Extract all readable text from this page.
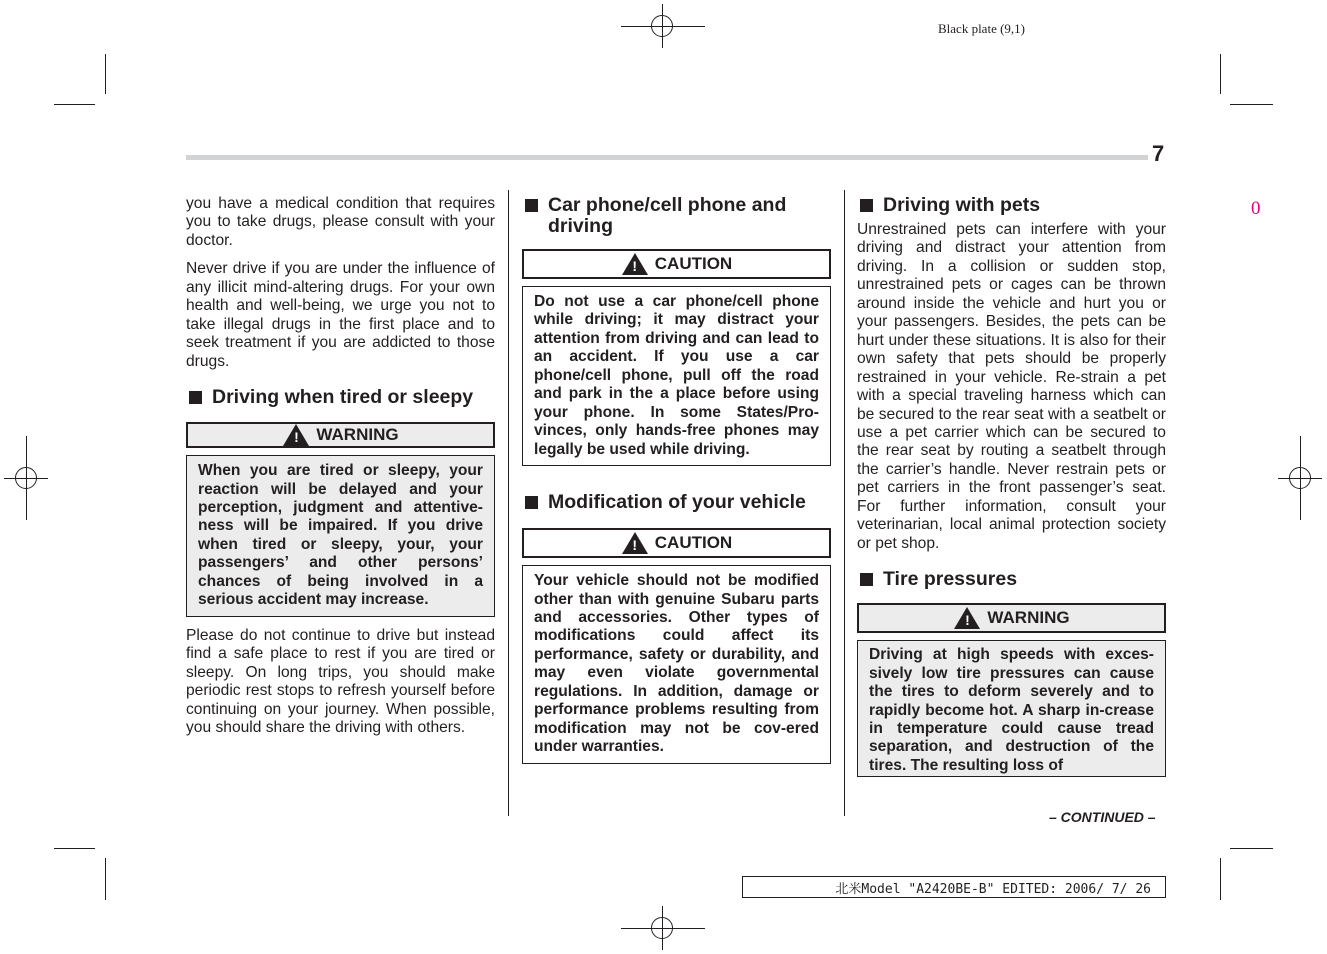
Black plate (9,1)
7
0

you have a medical condition that requires you to take drugs, please consult with your doctor.

Never drive if you are under the influence of any illicit mind-altering drugs. For your own health and well-being, we urge you not to take illegal drugs in the first place and to seek treatment if you are addicted to those drugs.

Driving when tired or sleepy
!	WARNING
When you are tired or sleepy, your reaction will be delayed and your perception, judgment and attentive-ness will be impaired. If you drive when tired or sleepy, your, your passengers’ and other persons’ chances of being involved in a serious accident may increase.

Please do not continue to drive but instead find a safe place to rest if you are tired or sleepy. On long trips, you should make periodic rest stops to refresh yourself before continuing on your journey. When possible, you should share the driving with others.

Car phone/cell phone and driving
!	CAUTION
Do not use a car phone/cell phone while driving; it may distract your attention from driving and can lead to an accident. If you use a car phone/cell phone, pull off the road and park in the a place before using your phone. In some States/Pro-vinces, only hands-free phones may legally be used while driving.
Modification of your vehicle
!	CAUTION
Your vehicle should not be modified other than with genuine Subaru parts and accessories. Other types of modifications could affect its performance, safety or durability, and may even violate governmental regulations. In addition, damage or performance problems resulting from modification may not be cov-ered under warranties.
Driving with pets

Unrestrained pets can interfere with your driving and distract your attention from driving. In a collision or sudden stop, unrestrained pets or cages can be thrown around inside the vehicle and hurt you or your passengers. Besides, the pets can be hurt under these situations. It is also for their own safety that pets should be properly restrained in your vehicle. Re-strain a pet with a special traveling harness which can be secured to the rear seat with a seatbelt or use a pet carrier which can be secured to the rear seat by routing a seatbelt through the carrier’s handle. Never restrain pets or pet carriers in the front passenger’s seat. For further information, consult your veterinarian, local animal protection society or pet shop.

Tire pressures
!	WARNING
Driving at high speeds with exces-sively low tire pressures can cause the tires to deform severely and to rapidly become hot. A sharp in-crease in temperature could cause tread separation, and destruction of the tires. The resulting loss of
– CONTINUED –
北米Model "A2420BE-B" EDITED: 2006/ 7/ 26
